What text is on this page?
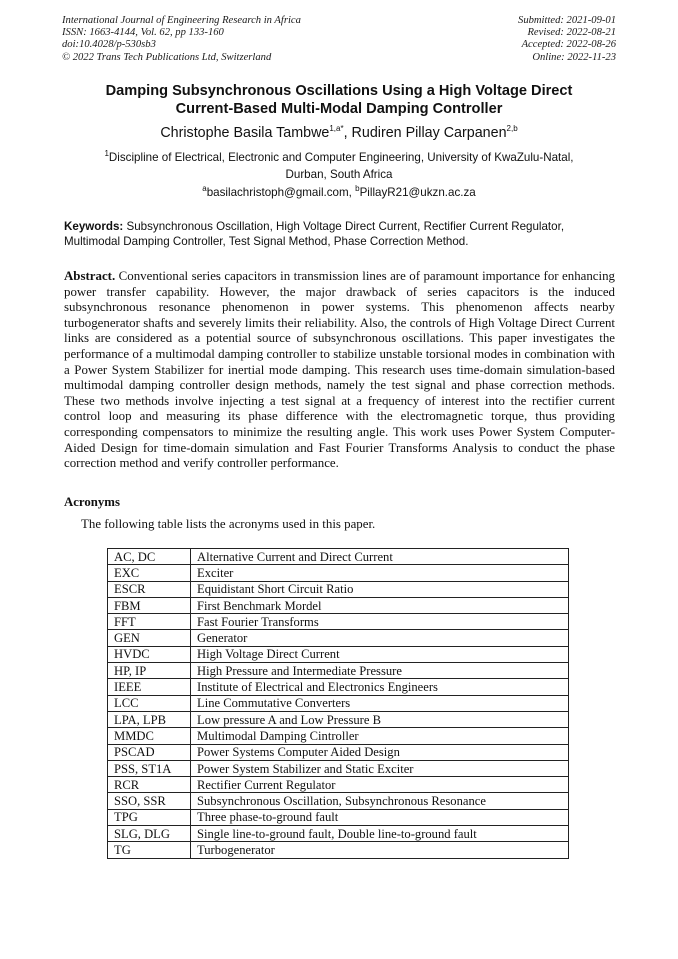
International Journal of Engineering Research in Africa
ISSN: 1663-4144, Vol. 62, pp 133-160
doi:10.4028/p-530sb3
© 2022 Trans Tech Publications Ltd, Switzerland
Submitted: 2021-09-01
Revised: 2022-08-21
Accepted: 2022-08-26
Online: 2022-11-23
Damping Subsynchronous Oscillations Using a High Voltage Direct
Current-Based Multi-Modal Damping Controller
Christophe Basila Tambwe$^{1,a*}$, Rudiren Pillay Carpanen$^{2,b}$
$^1$Discipline of Electrical, Electronic and Computer Engineering, University of KwaZulu-Natal,
Durban, South Africa
$^a$basilachristoph@gmail.com, $^b$PillayR21@ukzn.ac.za
Keywords: Subsynchronous Oscillation, High Voltage Direct Current, Rectifier Current Regulator, Multimodal Damping Controller, Test Signal Method, Phase Correction Method.
Abstract. Conventional series capacitors in transmission lines are of paramount importance for enhancing power transfer capability. However, the major drawback of series capacitors is the induced subsynchronous resonance phenomenon in power systems. This phenomenon affects nearby turbogenerator shafts and severely limits their reliability. Also, the controls of High Voltage Direct Current links are considered as a potential source of subsynchronous oscillations. This paper investigates the performance of a multimodal damping controller to stabilize unstable torsional modes in combination with a Power System Stabilizer for inertial mode damping. This research uses time-domain simulation-based multimodal damping controller design methods, namely the test signal and phase correction methods. These two methods involve injecting a test signal at a frequency of interest into the rectifier current control loop and measuring its phase difference with the electromagnetic torque, thus providing corresponding compensators to minimize the resulting angle. This work uses Power System Computer-Aided Design for time-domain simulation and Fast Fourier Transforms Analysis to conduct the phase correction method and verify controller performance.
Acronyms
The following table lists the acronyms used in this paper.
AC, DC	Alternative Current and Direct Current
EXC	Exciter
ESCR	Equidistant Short Circuit Ratio
FBM	First Benchmark Mordel
FFT	Fast Fourier Transforms
GEN	Generator
HVDC	High Voltage Direct Current
HP, IP	High Pressure and Intermediate Pressure
IEEE	Institute of Electrical and Electronics Engineers
LCC	Line Commutative Converters
LPA, LPB	Low pressure A and Low Pressure B
MMDC	Multimodal Damping Cintroller
PSCAD	Power Systems Computer Aided Design
PSS, ST1A	Power System Stabilizer and Static Exciter
RCR	Rectifier Current Regulator
SSO, SSR	Subsynchronous Oscillation, Subsynchronous Resonance
TPG	Three phase-to-ground fault
SLG, DLG	Single line-to-ground fault, Double line-to-ground fault
TG	Turbogenerator
